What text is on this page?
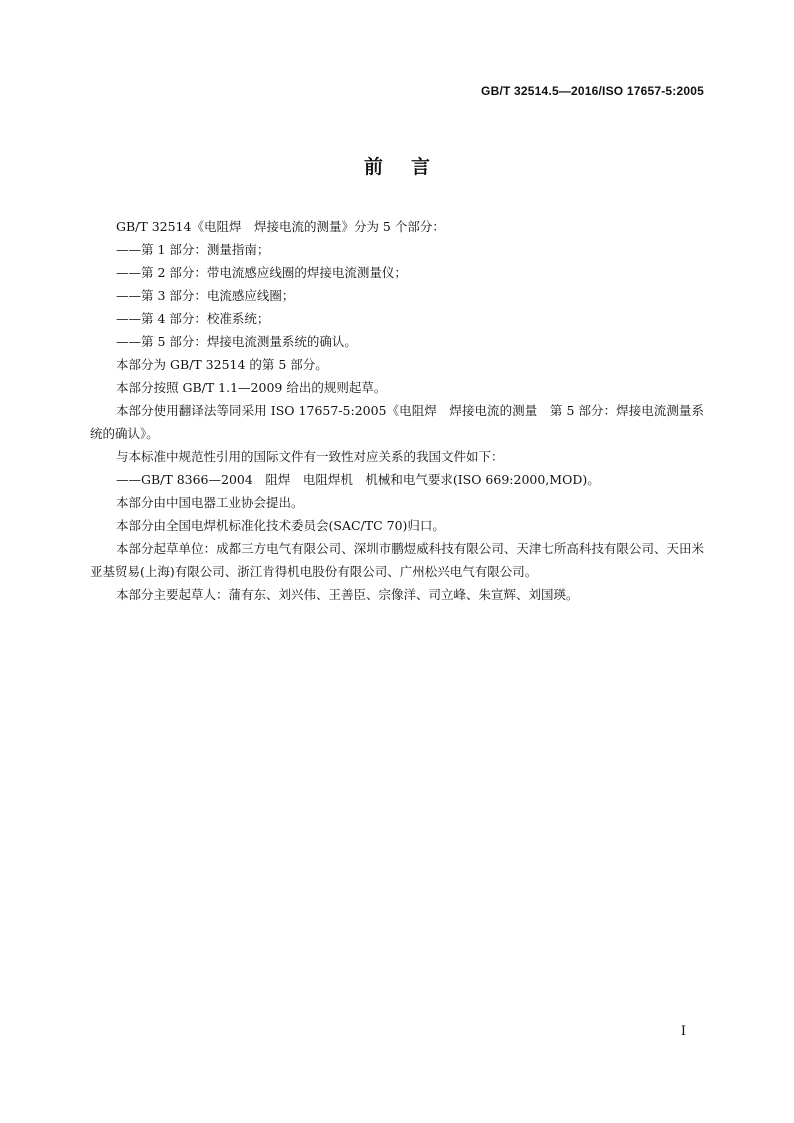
GB/T 32514.5—2016/ISO 17657-5:2005
前言

GB/T 32514《电阻焊　焊接电流的测量》分为 5 个部分：

——第 1 部分：测量指南；

——第 2 部分：带电流感应线圈的焊接电流测量仪；

——第 3 部分：电流感应线圈；

——第 4 部分：校准系统；

——第 5 部分：焊接电流测量系统的确认。

本部分为 GB/T 32514 的第 5 部分。

本部分按照 GB/T 1.1—2009 给出的规则起草。

本部分使用翻译法等同采用 ISO 17657-5:2005《电阻焊　焊接电流的测量　第 5 部分：焊接电流测量系统的确认》。

与本标准中规范性引用的国际文件有一致性对应关系的我国文件如下：

——GB/T 8366—2004　阻焊　电阻焊机　机械和电气要求(ISO 669:2000,MOD)。

本部分由中国电器工业协会提出。

本部分由全国电焊机标准化技术委员会(SAC/TC 70)归口。

本部分起草单位：成都三方电气有限公司、深圳市鹏煜威科技有限公司、天津七所高科技有限公司、天田米亚基贸易(上海)有限公司、浙江肯得机电股份有限公司、广州松兴电气有限公司。

本部分主要起草人：蒲有东、刘兴伟、王善臣、宗像洋、司立峰、朱宣辉、刘国瑛。

I
